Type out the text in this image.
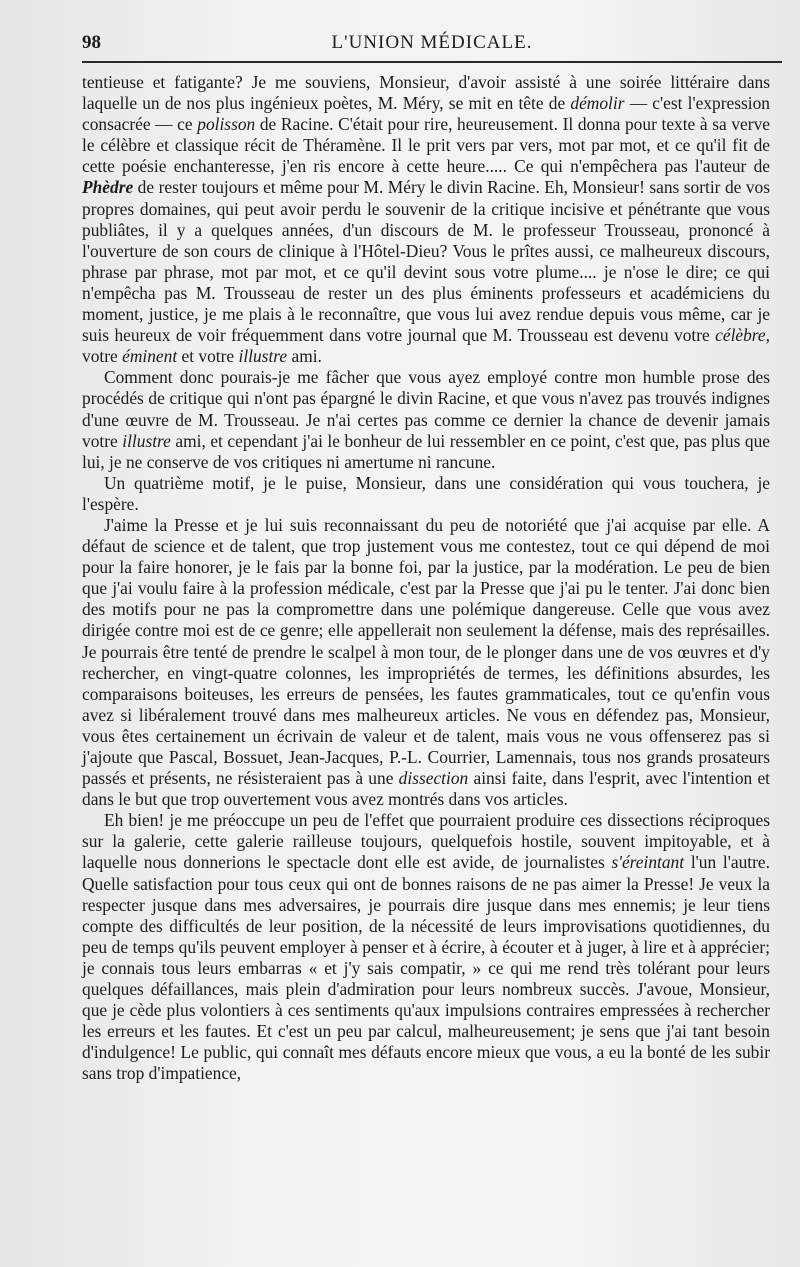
98	L'UNION MÉDICALE.

tentieuse et fatigante? Je me souviens, Monsieur, d'avoir assisté à une soirée littéraire dans laquelle un de nos plus ingénieux poètes, M. Méry, se mit en tête de démolir — c'est l'expression consacrée — ce polisson de Racine. C'était pour rire, heureusement. Il donna pour texte à sa verve le célèbre et classique récit de Théramène. Il le prit vers par vers, mot par mot, et ce qu'il fit de cette poésie enchanteresse, j'en ris encore à cette heure..... Ce qui n'empêchera pas l'auteur de Phèdre de rester toujours et même pour M. Méry le divin Racine. Eh, Monsieur! sans sortir de vos propres domaines, qui peut avoir perdu le souvenir de la critique incisive et pénétrante que vous publiâtes, il y a quelques années, d'un discours de M. le professeur Trousseau, prononcé à l'ouverture de son cours de clinique à l'Hôtel-Dieu? Vous le prîtes aussi, ce malheureux discours, phrase par phrase, mot par mot, et ce qu'il devint sous votre plume.... je n'ose le dire; ce qui n'empêcha pas M. Trousseau de rester un des plus éminents professeurs et académiciens du moment, justice, je me plais à le reconnaître, que vous lui avez rendue depuis vous même, car je suis heureux de voir fréquemment dans votre journal que M. Trousseau est devenu votre célèbre, votre éminent et votre illustre ami.

Comment donc pourais-je me fâcher que vous ayez employé contre mon humble prose des procédés de critique qui n'ont pas épargné le divin Racine, et que vous n'avez pas trouvés indignes d'une œuvre de M. Trousseau. Je n'ai certes pas comme ce dernier la chance de devenir jamais votre illustre ami, et cependant j'ai le bonheur de lui ressembler en ce point, c'est que, pas plus que lui, je ne conserve de vos critiques ni amertume ni rancune.

Un quatrième motif, je le puise, Monsieur, dans une considération qui vous touchera, je l'espère.

J'aime la Presse et je lui suis reconnaissant du peu de notoriété que j'ai acquise par elle. A défaut de science et de talent, que trop justement vous me contestez, tout ce qui dépend de moi pour la faire honorer, je le fais par la bonne foi, par la justice, par la modération. Le peu de bien que j'ai voulu faire à la profession médicale, c'est par la Presse que j'ai pu le tenter. J'ai donc bien des motifs pour ne pas la compromettre dans une polémique dangereuse. Celle que vous avez dirigée contre moi est de ce genre; elle appellerait non seulement la défense, mais des représailles. Je pourrais être tenté de prendre le scalpel à mon tour, de le plonger dans une de vos œuvres et d'y rechercher, en vingt-quatre colonnes, les impropriétés de termes, les définitions absurdes, les comparaisons boiteuses, les erreurs de pensées, les fautes grammaticales, tout ce qu'enfin vous avez si libéralement trouvé dans mes malheureux articles. Ne vous en défendez pas, Monsieur, vous êtes certainement un écrivain de valeur et de talent, mais vous ne vous offenserez pas si j'ajoute que Pascal, Bossuet, Jean-Jacques, P.-L. Courrier, Lamennais, tous nos grands prosateurs passés et présents, ne résisteraient pas à une dissection ainsi faite, dans l'esprit, avec l'intention et dans le but que trop ouvertement vous avez montrés dans vos articles.

Eh bien! je me préoccupe un peu de l'effet que pourraient produire ces dissections réciproques sur la galerie, cette galerie railleuse toujours, quelquefois hostile, souvent impitoyable, et à laquelle nous donnerions le spectacle dont elle est avide, de journalistes s'éreintant l'un l'autre. Quelle satisfaction pour tous ceux qui ont de bonnes raisons de ne pas aimer la Presse! Je veux la respecter jusque dans mes adversaires, je pourrais dire jusque dans mes ennemis; je leur tiens compte des difficultés de leur position, de la nécessité de leurs improvisations quotidiennes, du peu de temps qu'ils peuvent employer à penser et à écrire, à écouter et à juger, à lire et à apprécier; je connais tous leurs embarras « et j'y sais compatir, » ce qui me rend très tolérant pour leurs quelques défaillances, mais plein d'admiration pour leurs nombreux succès. J'avoue, Monsieur, que je cède plus volontiers à ces sentiments qu'aux impulsions contraires empressées à rechercher les erreurs et les fautes. Et c'est un peu par calcul, malheureusement; je sens que j'ai tant besoin d'indulgence! Le public, qui connaît mes défauts encore mieux que vous, a eu la bonté de les subir sans trop d'impatience,
